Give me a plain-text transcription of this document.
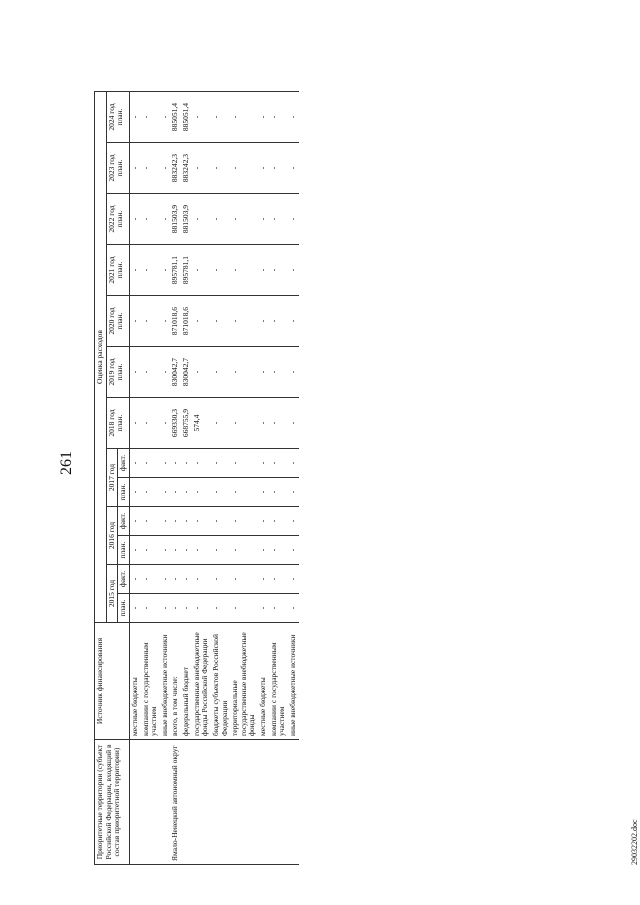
261
Приоритетные территории (субъект Российской Федерации, входящий в состав приоритетной территории)	Источник финансирования	Оценка расходов												
		2015 год		2016 год		2017 год		2018 год план.	2019 год план.	2020 год план.	2021 год план.	2022 год план.	2023 год план.	2024 год план.
		план.	факт.	план.	факт.	план.	факт.							
	местные бюджеты	-	-	-	-	-	-	-	-	-	-	-	-	-
	компании с государственным участием	-	-	-	-	-	-	-	-	-	-	-	-	-
	иные внебюджетные источники	-	-	-	-	-	-	-	-	-	-	-	-	-
Ямало-Ненецкий автономный округ	всего, в том числе:	-	-	-	-	-	-	669330,3	830042,7	871018,6	895781,1	881503,9	883242,3	885051,4
	федеральный бюджет	-	-	-	-	-	-	668755,9	830042,7	871018,6	895781,1	881503,9	883242,3	885051,4
	государственные внебюджетные фонды Российской Федерации	-	-	-	-	-	-	574,4	-	-	-	-	-	-
	бюджеты субъектов Российской Федерации	-	-	-	-	-	-	-	-	-	-	-	-	-
	территориальные государственные внебюджетные фонды	-	-	-	-	-	-	-	-	-	-	-	-	-
	местные бюджеты	-	-	-	-	-	-	-	-	-	-	-	-	-
	компании с государственным участием	-	-	-	-	-	-	-	-	-	-	-	-	-
	иные внебюджетные источники	-	-	-	-	-	-	-	-	-	-	-	-	-
29032202.doc
